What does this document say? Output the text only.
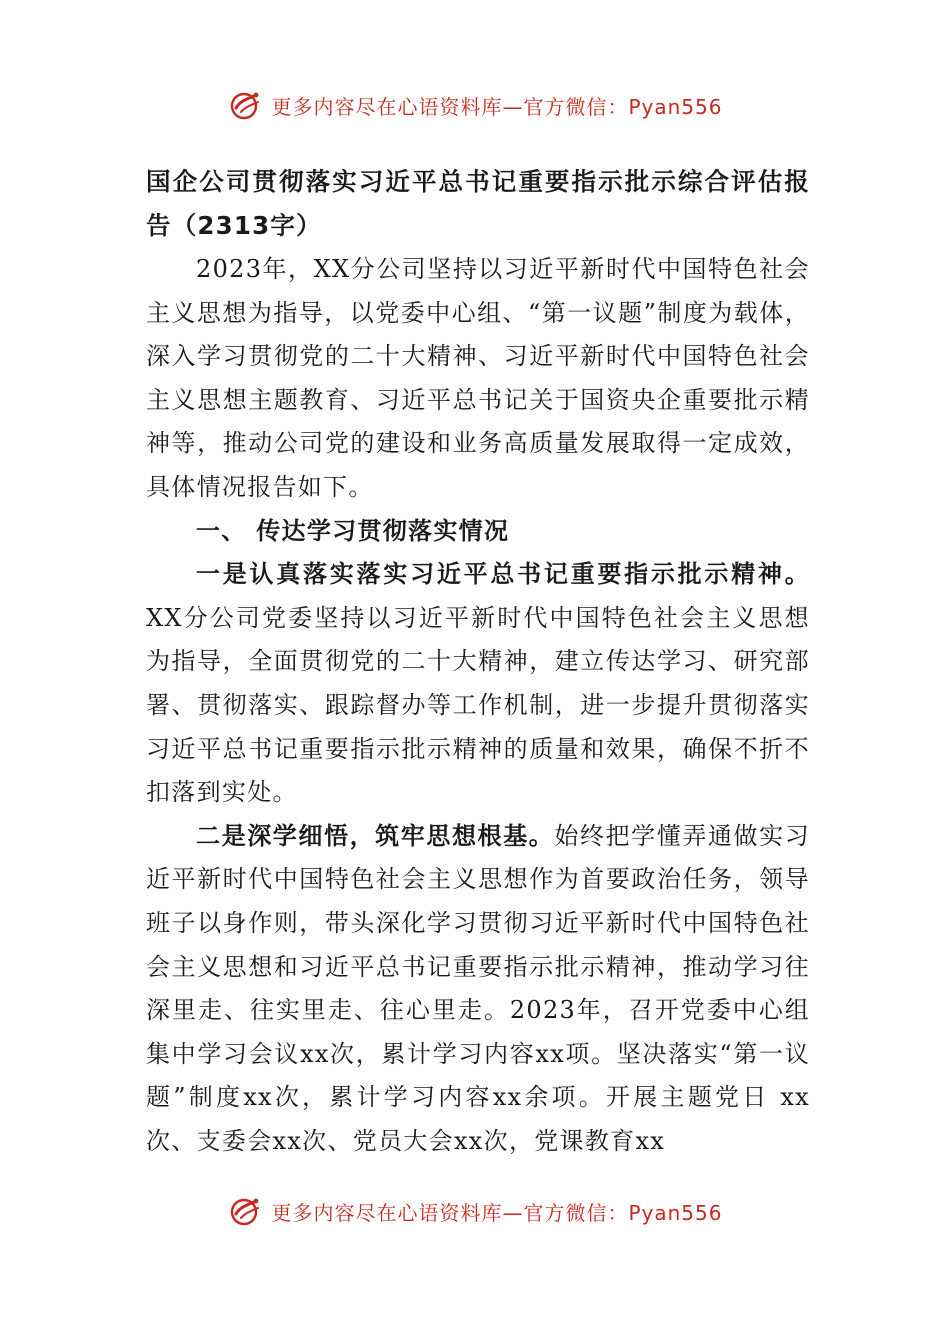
更多内容尽在心语资料库—官方微信：Pyan556
国企公司贯彻落实习近平总书记重要指示批示综合评估报告（2313字）

2023年，XX分公司坚持以习近平新时代中国特色社会主义思想为指导，以党委中心组、“第一议题”制度为载体，深入学习贯彻党的二十大精神、习近平新时代中国特色社会主义思想主题教育、习近平总书记关于国资央企重要批示精神等，推动公司党的建设和业务高质量发展取得一定成效，具体情况报告如下。

一、 传达学习贯彻落实情况

一是认真落实落实习近平总书记重要指示批示精神。XX分公司党委坚持以习近平新时代中国特色社会主义思想为指导，全面贯彻党的二十大精神，建立传达学习、研究部署、贯彻落实、跟踪督办等工作机制，进一步提升贯彻落实习近平总书记重要指示批示精神的质量和效果，确保不折不扣落到实处。

二是深学细悟，筑牢思想根基。始终把学懂弄通做实习近平新时代中国特色社会主义思想作为首要政治任务，领导班子以身作则，带头深化学习贯彻习近平新时代中国特色社会主义思想和习近平总书记重要指示批示精神，推动学习往深里走、往实里走、往心里走。2023年，召开党委中心组集中学习会议xx次，累计学习内容xx项。坚决落实“第一议题”制度xx次，累计学习内容xx余项。开展主题党日 xx次、支委会xx次、党员大会xx次，党课教育xx

更多内容尽在心语资料库—官方微信：Pyan556
